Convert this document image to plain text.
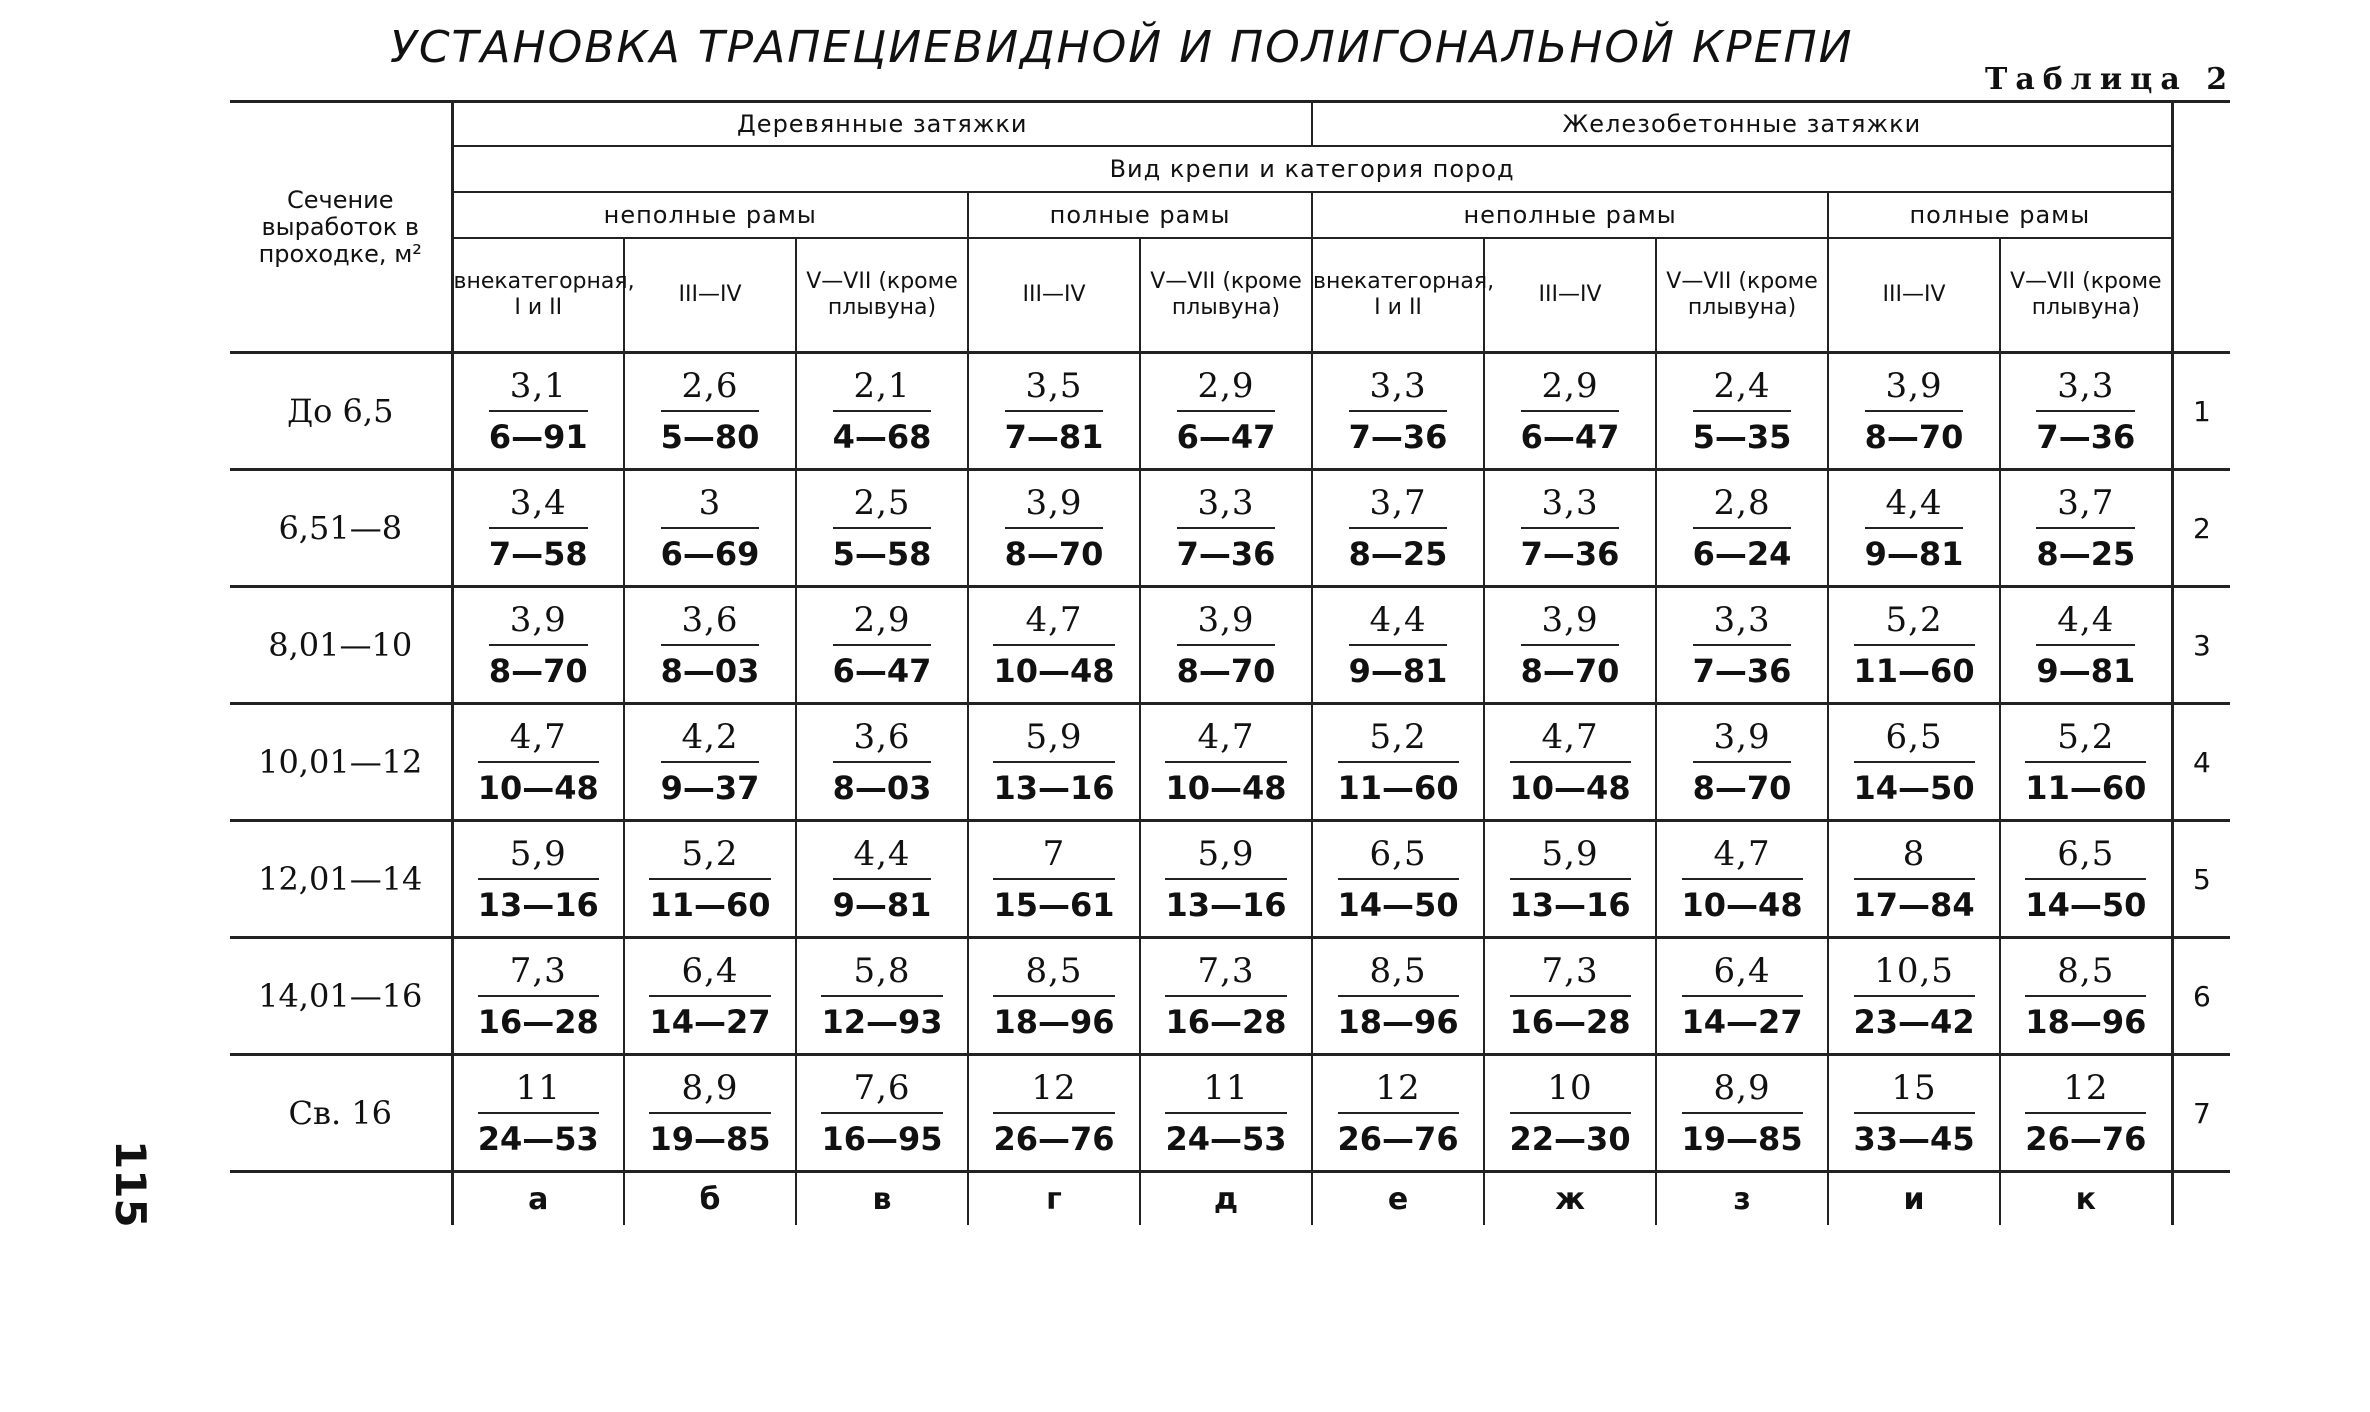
УСТАНОВКА ТРАПЕЦИЕВИДНОЙ И ПОЛИГОНАЛЬНОЙ КРЕПИ
Таблица 2
115
Сечение выработок в проходке, м²	Деревянные затяжки					Железобетонные затяжки					
	Вид крепи и категория пород										
	неполные рамы			полные рамы		неполные рамы			полные рамы		
	внекатегорная, I и II	III—IV	V—VII (кроме плывуна)	III—IV	V—VII (кроме плывуна)	внекатегорная, I и II	III—IV	V—VII (кроме плывуна)	III—IV	V—VII (кроме плывуна)	
До 6,5	$\frac{3,1}{6—91}$	$\frac{2,6}{5—80}$	$\frac{2,1}{4—68}$	$\frac{3,5}{7—81}$	$\frac{2,9}{6—47}$	$\frac{3,3}{7—36}$	$\frac{2,9}{6—47}$	$\frac{2,4}{5—35}$	$\frac{3,9}{8—70}$	$\frac{3,3}{7—36}$	1
6,51—8	$\frac{3,4}{7—58}$	$\frac{3}{6—69}$	$\frac{2,5}{5—58}$	$\frac{3,9}{8—70}$	$\frac{3,3}{7—36}$	$\frac{3,7}{8—25}$	$\frac{3,3}{7—36}$	$\frac{2,8}{6—24}$	$\frac{4,4}{9—81}$	$\frac{3,7}{8—25}$	2
8,01—10	$\frac{3,9}{8—70}$	$\frac{3,6}{8—03}$	$\frac{2,9}{6—47}$	$\frac{4,7}{10—48}$	$\frac{3,9}{8—70}$	$\frac{4,4}{9—81}$	$\frac{3,9}{8—70}$	$\frac{3,3}{7—36}$	$\frac{5,2}{11—60}$	$\frac{4,4}{9—81}$	3
10,01—12	$\frac{4,7}{10—48}$	$\frac{4,2}{9—37}$	$\frac{3,6}{8—03}$	$\frac{5,9}{13—16}$	$\frac{4,7}{10—48}$	$\frac{5,2}{11—60}$	$\frac{4,7}{10—48}$	$\frac{3,9}{8—70}$	$\frac{6,5}{14—50}$	$\frac{5,2}{11—60}$	4
12,01—14	$\frac{5,9}{13—16}$	$\frac{5,2}{11—60}$	$\frac{4,4}{9—81}$	$\frac{7}{15—61}$	$\frac{5,9}{13—16}$	$\frac{6,5}{14—50}$	$\frac{5,9}{13—16}$	$\frac{4,7}{10—48}$	$\frac{8}{17—84}$	$\frac{6,5}{14—50}$	5
14,01—16	$\frac{7,3}{16—28}$	$\frac{6,4}{14—27}$	$\frac{5,8}{12—93}$	$\frac{8,5}{18—96}$	$\frac{7,3}{16—28}$	$\frac{8,5}{18—96}$	$\frac{7,3}{16—28}$	$\frac{6,4}{14—27}$	$\frac{10,5}{23—42}$	$\frac{8,5}{18—96}$	6
Св. 16	$\frac{11}{24—53}$	$\frac{8,9}{19—85}$	$\frac{7,6}{16—95}$	$\frac{12}{26—76}$	$\frac{11}{24—53}$	$\frac{12}{26—76}$	$\frac{10}{22—30}$	$\frac{8,9}{19—85}$	$\frac{15}{33—45}$	$\frac{12}{26—76}$	7
	а	б	в	г	д	е	ж	з	и	к	
